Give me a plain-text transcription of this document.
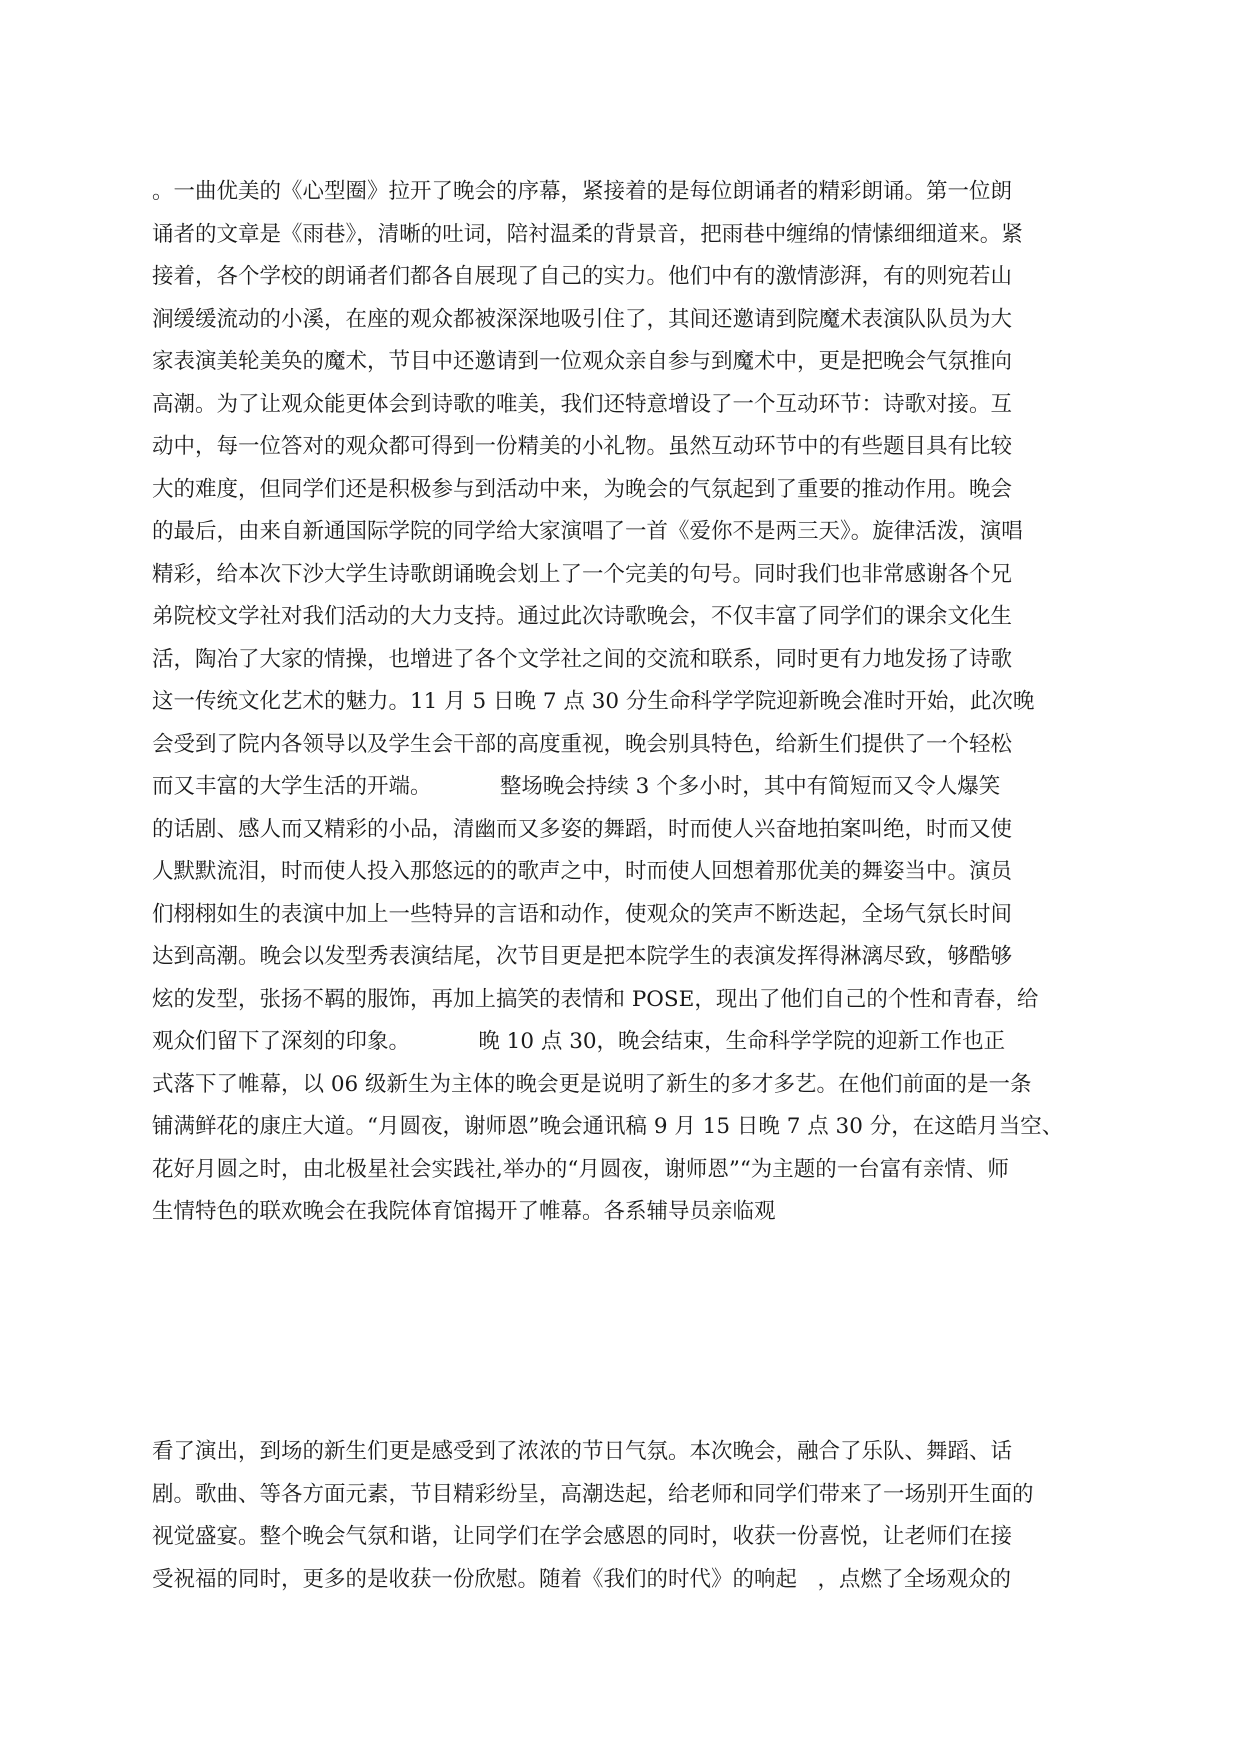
。一曲优美的《心型圈》拉开了晚会的序幕，紧接着的是每位朗诵者的精彩朗诵。第一位朗
诵者的文章是《雨巷》，清晰的吐词，陪衬温柔的背景音，把雨巷中缠绵的情愫细细道来。紧
接着，各个学校的朗诵者们都各自展现了自己的实力。他们中有的激情澎湃，有的则宛若山
涧缓缓流动的小溪，在座的观众都被深深地吸引住了，其间还邀请到院魔术表演队队员为大
家表演美轮美奂的魔术，节目中还邀请到一位观众亲自参与到魔术中，更是把晚会气氛推向
高潮。为了让观众能更体会到诗歌的唯美，我们还特意增设了一个互动环节：诗歌对接。互
动中，每一位答对的观众都可得到一份精美的小礼物。虽然互动环节中的有些题目具有比较
大的难度，但同学们还是积极参与到活动中来，为晚会的气氛起到了重要的推动作用。晚会
的最后，由来自新通国际学院的同学给大家演唱了一首《爱你不是两三天》。旋律活泼，演唱
精彩，给本次下沙大学生诗歌朗诵晚会划上了一个完美的句号。同时我们也非常感谢各个兄
弟院校文学社对我们活动的大力支持。通过此次诗歌晚会，不仅丰富了同学们的课余文化生
活，陶冶了大家的情操，也增进了各个文学社之间的交流和联系，同时更有力地发扬了诗歌
这一传统文化艺术的魅力。11 月 5 日晚 7 点 30 分生命科学学院迎新晚会准时开始，此次晚
会受到了院内各领导以及学生会干部的高度重视，晚会别具特色，给新生们提供了一个轻松
而又丰富的大学生活的开端。          整场晚会持续 3 个多小时，其中有简短而又令人爆笑
的话剧、感人而又精彩的小品，清幽而又多姿的舞蹈，时而使人兴奋地拍案叫绝，时而又使
人默默流泪，时而使人投入那悠远的的歌声之中，时而使人回想着那优美的舞姿当中。演员
们栩栩如生的表演中加上一些特异的言语和动作，使观众的笑声不断迭起，全场气氛长时间
达到高潮。晚会以发型秀表演结尾，次节目更是把本院学生的表演发挥得淋漓尽致，够酷够
炫的发型，张扬不羁的服饰，再加上搞笑的表情和 POSE，现出了他们自己的个性和青春，给
观众们留下了深刻的印象。          晚 10 点 30，晚会结束，生命科学学院的迎新工作也正
式落下了帷幕，以 06 级新生为主体的晚会更是说明了新生的多才多艺。在他们前面的是一条
铺满鲜花的康庄大道。“月圆夜，谢师恩”晚会通讯稿 9 月 15 日晚 7 点 30 分，在这皓月当空、
花好月圆之时，由北极星社会实践社,举办的“月圆夜，谢师恩”“为主题的一台富有亲情、师
生情特色的联欢晚会在我院体育馆揭开了帷幕。各系辅导员亲临观
看了演出，到场的新生们更是感受到了浓浓的节日气氛。本次晚会，融合了乐队、舞蹈、话
剧。歌曲、等各方面元素，节目精彩纷呈，高潮迭起，给老师和同学们带来了一场别开生面的
视觉盛宴。整个晚会气氛和谐，让同学们在学会感恩的同时，收获一份喜悦，让老师们在接
受祝福的同时，更多的是收获一份欣慰。随着《我们的时代》的响起   ，点燃了全场观众的
